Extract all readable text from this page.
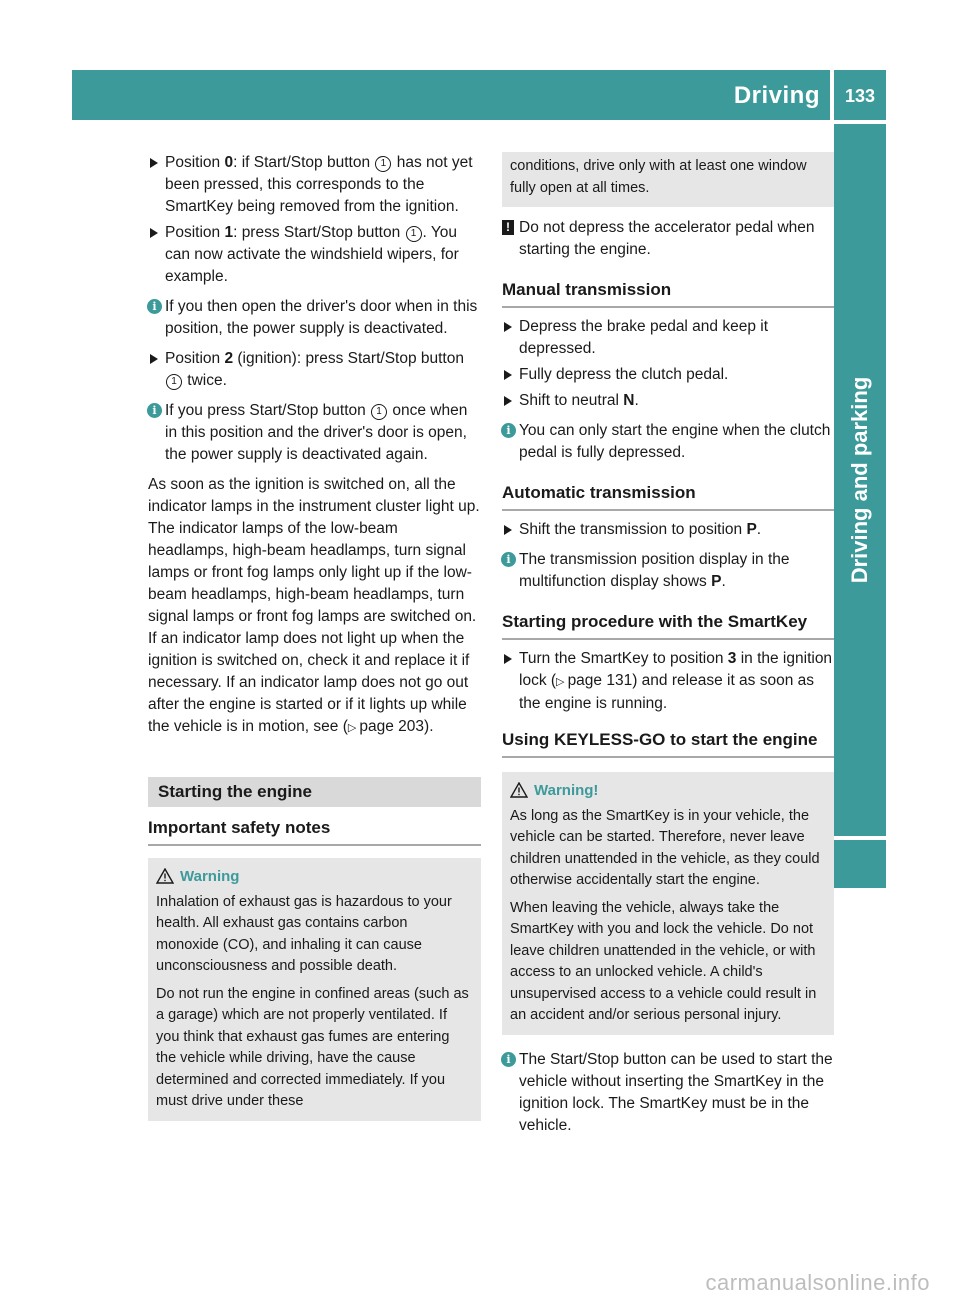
Driving	133
Driving and parking
Position 0: if Start/Stop button 1 has not yet been pressed, this corresponds to the SmartKey being removed from the ignition.
Position 1: press Start/Stop button 1 . You can now activate the windshield wipers, for example.
i If you then open the driver's door when in this position, the power supply is deactivated.
Position 2 (ignition): press Start/Stop button 1 twice.
i If you press Start/Stop button 1 once when in this position and the driver's door is open, the power supply is deactivated again.
As soon as the ignition is switched on, all the indicator lamps in the instrument cluster light up. The indicator lamps of the low-beam headlamps, high-beam headlamps, turn signal lamps or front fog lamps only light up if the low-beam headlamps, high-beam headlamps, turn signal lamps or front fog lamps are switched on. If an indicator lamp does not light up when the ignition is switched on, check it and replace it if necessary. If an indicator lamp does not go out after the engine is started or if it lights up while the vehicle is in motion, see (▷ page 203).
Starting the engine
Important safety notes
Warning

Inhalation of exhaust gas is hazardous to your health. All exhaust gas contains carbon monoxide (CO), and inhaling it can cause unconsciousness and possible death.

Do not run the engine in confined areas (such as a garage) which are not properly ventilated. If you think that exhaust gas fumes are entering the vehicle while driving, have the cause determined and corrected immediately. If you must drive under these

conditions, drive only with at least one window fully open at all times.

! Do not depress the accelerator pedal when starting the engine.
Manual transmission
Depress the brake pedal and keep it depressed.
Fully depress the clutch pedal.
Shift to neutral N.
i You can only start the engine when the clutch pedal is fully depressed.
Automatic transmission
Shift the transmission to position P.
i The transmission position display in the multifunction display shows P.
Starting procedure with the SmartKey
Turn the SmartKey to position 3 in the ignition lock (▷ page 131) and release it as soon as the engine is running.
Using KEYLESS-GO to start the engine
Warning!

As long as the SmartKey is in your vehicle, the vehicle can be started. Therefore, never leave children unattended in the vehicle, as they could otherwise accidentally start the engine.

When leaving the vehicle, always take the SmartKey with you and lock the vehicle. Do not leave children unattended in the vehicle, or with access to an unlocked vehicle. A child's unsupervised access to a vehicle could result in an accident and/or serious personal injury.

i The Start/Stop button can be used to start the vehicle without inserting the SmartKey in the ignition lock. The SmartKey must be in the vehicle.
carmanualsonline.info
